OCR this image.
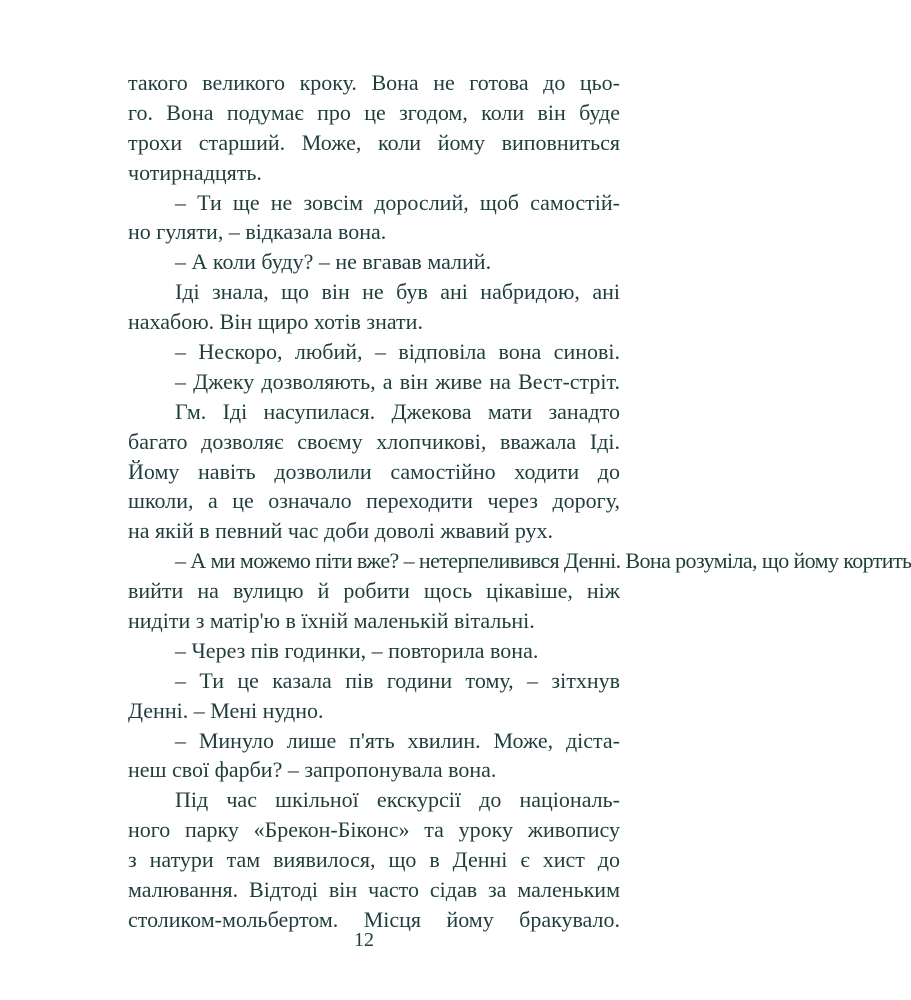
такого великого кроку. Вона не готова до цьо-
го. Вона подумає про це згодом, коли він буде
трохи старший. Може, коли йому виповниться
чотирнадцять.
– Ти ще не зовсім дорослий, щоб самостій-
но гуляти, – відказала вона.
– А коли буду? – не вгавав малий.
Іді знала, що він не був ані набридою, ані
нахабою. Він щиро хотів знати.
– Нескоро, любий, – відповіла вона синові.
– Джеку дозволяють, а він живе на Вест-стріт.
Гм. Іді насупилася. Джекова мати занадто
багато дозволяє своєму хлопчикові, вважала Іді.
Йому навіть дозволили самостійно ходити до
школи, а це означало переходити через дорогу,
на якій в певний час доби доволі жвавий рух.
– А ми можемо піти вже? – нетерпеливився Денні. Вона розуміла, що йому кортить
вийти на вулицю й робити щось цікавіше, ніж
нидіти з матір'ю в їхній маленькій вітальні.
– Через пів годинки, – повторила вона.
– Ти це казала пів години тому, – зітхнув
Денні. – Мені нудно.
– Минуло лише п'ять хвилин. Може, діста-
неш свої фарби? – запропонувала вона.
Під час шкільної екскурсії до національ-
ного парку «Брекон-Біконс» та уроку живопису
з натури там виявилося, що в Денні є хист до
малювання. Відтоді він часто сідав за маленьким
столиком-мольбертом. Місця йому бракувало.
12
